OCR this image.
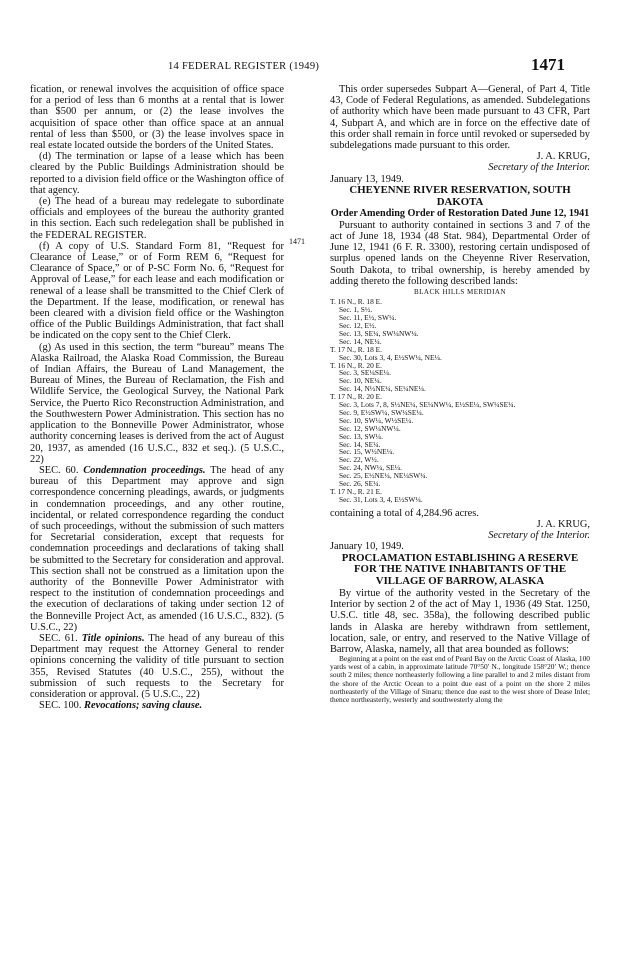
14 FEDERAL REGISTER (1949)	1471
1471

fication, or renewal involves the acquisition of office space for a period of less than 6 months at a rental that is lower than $500 per annum, or (2) the lease involves the acquisition of space other than office space at an annual rental of less than $500, or (3) the lease involves space in real estate located outside the borders of the United States.

(d) The termination or lapse of a lease which has been cleared by the Public Buildings Administration should be reported to a division field office or the Washington office of that agency.

(e) The head of a bureau may redelegate to subordinate officials and employees of the bureau the authority granted in this section. Each such redelegation shall be published in the FEDERAL REGISTER.

(f) A copy of U.S. Standard Form 81, “Request for Clearance of Lease,” or of Form REM 6, “Request for Clearance of Space,” or of P-SC Form No. 6, “Request for Approval of Lease,” for each lease and each modification or renewal of a lease shall be transmitted to the Chief Clerk of the Department. If the lease, modification, or renewal has been cleared with a division field office or the Washington office of the Public Buildings Administration, that fact shall be indicated on the copy sent to the Chief Clerk.

(g) As used in this section, the term “bureau” means The Alaska Railroad, the Alaska Road Commission, the Bureau of Indian Affairs, the Bureau of Land Management, the Bureau of Mines, the Bureau of Reclamation, the Fish and Wildlife Service, the Geological Survey, the National Park Service, the Puerto Rico Reconstruction Administration, and the Southwestern Power Administration. This section has no application to the Bonneville Power Administrator, whose authority concerning leases is derived from the act of August 20, 1937, as amended (16 U.S.C., 832 et seq.). (5 U.S.C., 22)

SEC. 60. Condemnation proceedings. The head of any bureau of this Department may approve and sign correspondence concerning pleadings, awards, or judgments in condemnation proceedings, and any other routine, incidental, or related correspondence regarding the conduct of such proceedings, without the submission of such matters for Secretarial consideration, except that requests for condemnation proceedings and declarations of taking shall be submitted to the Secretary for consideration and approval. This section shall not be construed as a limitation upon the authority of the Bonneville Power Administrator with respect to the institution of condemnation proceedings and the execution of declarations of taking under section 12 of the Bonneville Project Act, as amended (16 U.S.C., 832). (5 U.S.C., 22)

SEC. 61. Title opinions. The head of any bureau of this Department may request the Attorney General to render opinions concerning the validity of title pursuant to section 355, Revised Statutes (40 U.S.C., 255), without the submission of such requests to the Secretary for consideration or approval. (5 U.S.C., 22)

SEC. 100. Revocations; saving clause.

This order supersedes Subpart A—General, of Part 4, Title 43, Code of Federal Regulations, as amended. Subdelegations of authority which have been made pursuant to 43 CFR, Part 4, Subpart A, and which are in force on the effective date of this order shall remain in force until revoked or superseded by subdelegations made pursuant to this order.

J. A. KRUG,

Secretary of the Interior.

January 13, 1949.

CHEYENNE RIVER RESERVATION, SOUTH DAKOTA

Order Amending Order of Restoration Dated June 12, 1941

Pursuant to authority contained in sections 3 and 7 of the act of June 18, 1934 (48 Stat. 984), Departmental Order of June 12, 1941 (6 F. R. 3300), restoring certain undisposed of surplus opened lands on the Cheyenne River Reservation, South Dakota, to tribal ownership, is hereby amended by adding thereto the following described lands:

BLACK HILLS MERIDIAN

T. 16 N., R. 18 E.

Sec. 1, S½.

Sec. 11, E½, SW¼.

Sec. 12, E½.

Sec. 13, SE¼, SW¼NW¼.

Sec. 14, NE¼.

T. 17 N., R. 18 E.

Sec. 30, Lots 3, 4, E½SW¼, NE¼.

T. 16 N., R. 20 E.

Sec. 3, SE¼SE¼.

Sec. 10, NE¼.

Sec. 14, N½NE¼, SE¼NE¼.

T. 17 N., R. 20 E.

Sec. 3, Lots 7, 8, S½NE¼, SE¼NW¼, E½SE¼, SW¼SE¼.

Sec. 9, E½SW¼, SW¼SE¼.

Sec. 10, SW¼, W½SE¼.

Sec. 12, SW¼NW¼.

Sec. 13, SW¼.

Sec. 14, SE¼.

Sec. 15, W½NE¼.

Sec. 22, W½.

Sec. 24, NW¼, SE¼.

Sec. 25, E½NE¼, NE¼SW¼.

Sec. 26, SE¼.

T. 17 N., R. 21 E.

Sec. 31, Lots 3, 4, E½SW¼.

containing a total of 4,284.96 acres.

J. A. KRUG,

Secretary of the Interior.

January 10, 1949.

PROCLAMATION ESTABLISHING A RESERVE FOR THE NATIVE INHABITANTS OF THE VILLAGE OF BARROW, ALASKA

By virtue of the authority vested in the Secretary of the Interior by section 2 of the act of May 1, 1936 (49 Stat. 1250, U.S.C. title 48, sec. 358a), the following described public lands in Alaska are hereby withdrawn from settlement, location, sale, or entry, and reserved to the Native Village of Barrow, Alaska, namely, all that area bounded as follows:

Beginning at a point on the east end of Peard Bay on the Arctic Coast of Alaska, 100 yards west of a cabin, in approximate latitude 70°50′ N., longitude 158°20′ W.; thence south 2 miles; thence northeasterly following a line parallel to and 2 miles distant from the shore of the Arctic Ocean to a point due east of a point on the shore 2 miles northeasterly of the Village of Sinaru; thence due east to the west shore of Dease Inlet; thence northeasterly, westerly and southwesterly along the
